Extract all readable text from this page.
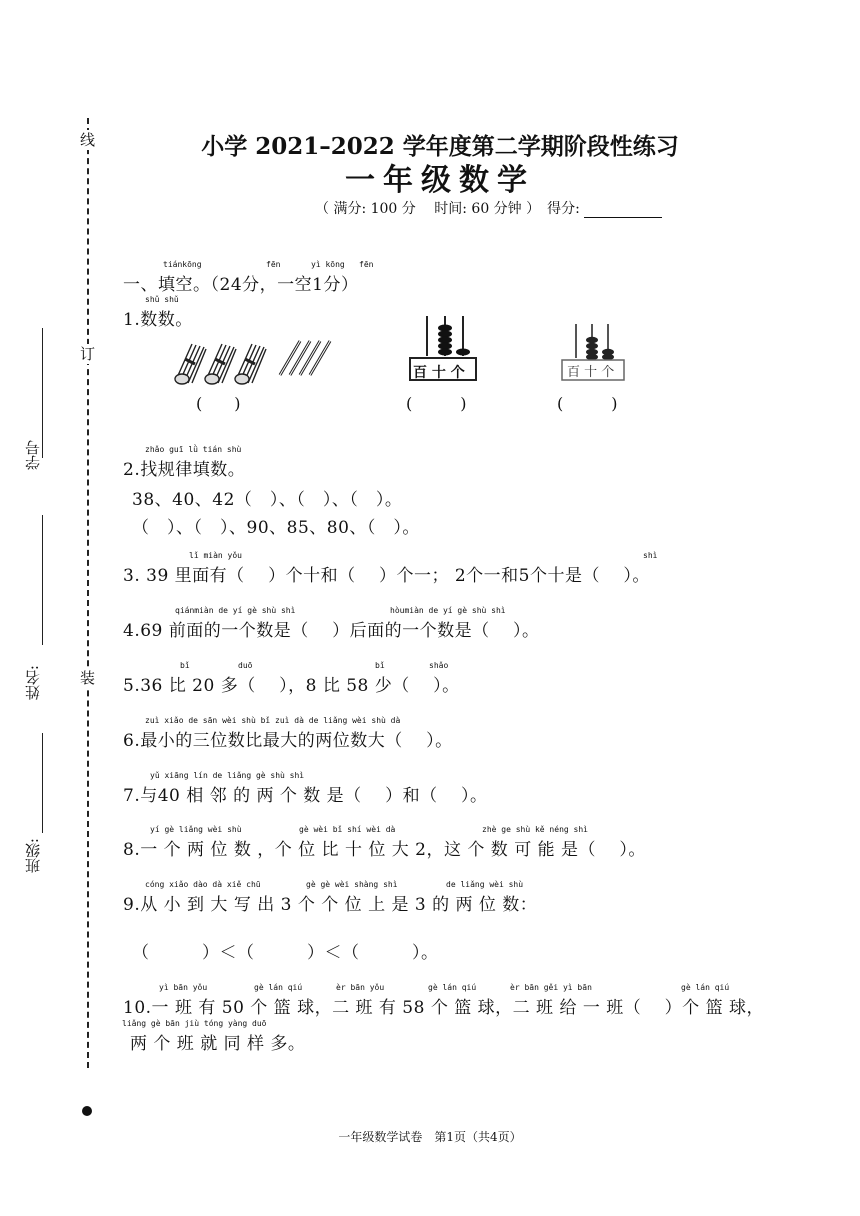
线
订
装
学号
姓名:
班级:
小学 2021–2022 学年度第二学期阶段性练习
一年级数学
（ 满分: 100 分　 时间: 60 分钟 ）　得分:
tiánkōng	fēn	yì kōng fēn
一、填空。（24分，一空1分）
shǔ shǔ
1.数数。
百 十 个	百 十 个
(　　)	(　　　)	(　　　)
zhǎo guī lǜ tián shù
2.找规律填数。
38、40、42（　）、（　）、（　）。
（　）、（　）、90、85、80、（　）。
lǐ miàn yǒu	shì
3. 39 里面有（　 ）个十和（　 ）个一； 2个一和5个十是（　 ）。
qiánmiàn de yí gè shù shì	hòumiàn de yí gè shù shì
4.69 前面的一个数是（　 ）后面的一个数是（　 ）。
bǐ	duō	bǐ	shǎo
5.36 比 20 多（　 ），8 比 58 少（　 ）。
zuì xiǎo de sān wèi shù bǐ zuì dà de liǎng wèi shù dà
6.最小的三位数比最大的两位数大（　 ）。
yǔ xiāng lín de liǎng gè shù shì
7.与40 相 邻 的 两 个 数 是（　 ）和（　 ）。
yí gè liǎng wèi shù	gè wèi bǐ shí wèi dà	zhè ge shù kě néng shì
8.一 个 两 位 数 ，个 位 比 十 位 大 2，这 个 数 可 能 是（　 ）。
cóng xiǎo dào dà xiě chū	gè gè wèi shàng shì	de liǎng wèi shù
9.从 小 到 大 写 出 3 个 个 位 上 是 3 的 两 位 数：
（　　　）＜（　　　）＜（　　　）。
yì bān yǒu	gè lán qiú	èr bān yǒu	gè lán qiú	èr bān gěi yì bān	gè lán qiú
10.一 班 有 50 个 篮 球，二 班 有 58 个 篮 球，二 班 给 一 班（　 ）个 篮 球，
liǎng gè bān jiù tóng yàng duō
两 个 班 就 同 样 多。
一年级数学试卷　第1页（共4页）
